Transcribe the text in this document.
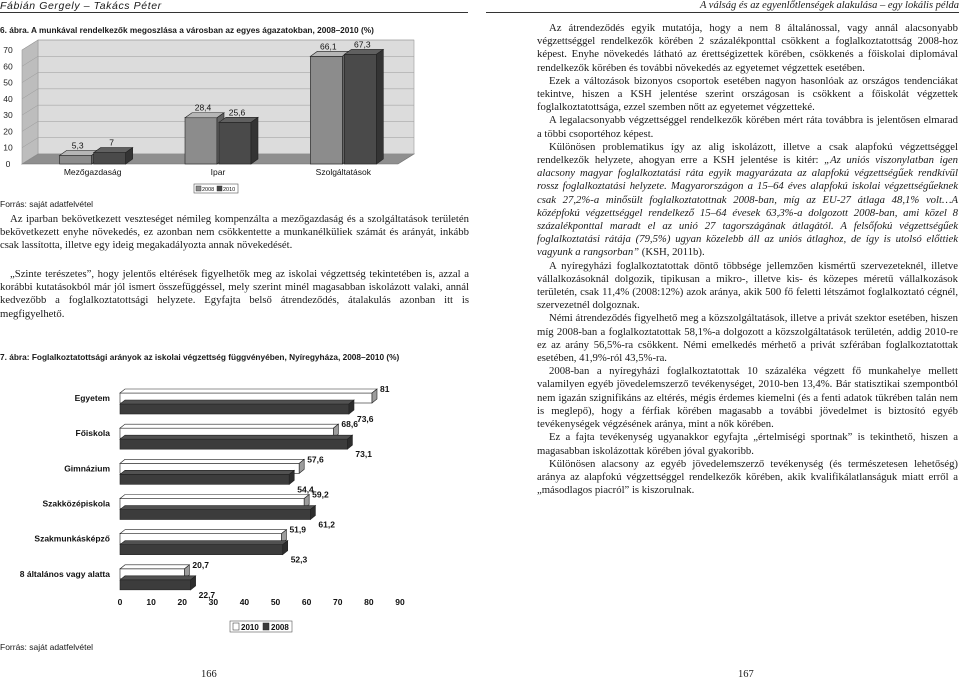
Fábián Gergely – Takács Péter	A válság és az egyenlőtlenségek alakulása – egy lokális példa
6. ábra. A munkával rendelkezők megoszlása a városban az egyes ágazatokban, 2008–2010 (%)
0
10
20
30
40
50
60
70
5,3	7
Mezőgazdaság
28,4 25,6
Ipar
66,1 67,3
Szolgáltatások
2008 2010
Forrás: saját adatfelvétel

Az iparban bekövetkezett veszteséget némileg kompenzálta a mezőgazdaság és a szolgáltatások területén bekövetkezett enyhe növekedés, ez azonban nem csökkentette a munkanélküliek számát és arányát, inkább csak lassította, illetve egy ideig megakadályozta annak növekedését.

„Szinte terészetes”, hogy jelentős eltérések figyelhetők meg az iskolai végzettség tekintetében is, azzal a korábbi kutatásokból már jól ismert összefüggéssel, mely szerint minél magasabban iskolázott valaki, annál kedvezőbb a foglalkoztatottsági helyzete. Egyfajta belső átrendeződés, átalakulás azonban itt is megfigyelhető.

7. ábra: Foglalkoztatottsági arányok az iskolai végzettség függvényében, Nyíregyháza, 2008–2010 (%)
Egyetem
81
73,6
Főiskola
68,6
73,1
Gimnázium
57,6
54,4
Szakközépiskola
59,2
61,2
Szakmunkásképző
51,9
52,3
8 általános vagy alatta
20,7
22,7
0	10	20	30	40	50	60	70	80	90
2010 2008
Forrás: saját adatfelvétel

Az átrendeződés egyik mutatója, hogy a nem 8 általánossal, vagy annál alacsonyabb végzettséggel rendelkezők körében 2 százalékponttal csökkent a foglalkoztatottság 2008-hoz képest. Enyhe növekedés látható az érettségizettek körében, csökkenés a főiskolai diplomával rendelkezők körében és további növekedés az egyetemet végzettek esetében.

Ezek a változások bizonyos csoportok esetében nagyon hasonlóak az országos tendenciákat tekintve, hiszen a KSH jelentése szerint országosan is csökkent a főiskolát végzettek foglalkoztatottsága, ezzel szemben nőtt az egyetemet végzetteké.

A legalacsonyabb végzettséggel rendelkezők körében mért ráta továbbra is jelentősen elmarad a többi csoportéhoz képest.

Különösen problematikus így az alig iskolázott, illetve a csak alapfokú végzettséggel rendelkezők helyzete, ahogyan erre a KSH jelentése is kitér: „Az uniós viszonylatban igen alacsony magyar foglalkoztatási ráta egyik magyarázata az alapfokú végzettségűek rendkívül rossz foglalkoztatási helyzete. Magyarországon a 15–64 éves alapfokú iskolai végzettségűeknek csak 27,2%-a minősült foglalkoztatottnak 2008-ban, míg az EU-27 átlaga 48,1% volt…A középfokú végzettséggel rendelkező 15–64 évesek 63,3%-a dolgozott 2008-ban, ami közel 8 százalékponttal maradt el az unió 27 tagországának átlagától. A felsőfokú végzettségűek foglalkoztatási rátája (79,5%) ugyan közelebb áll az uniós átlaghoz, de így is utolsó előttiek vagyunk a rangsorban” (KSH, 2011b).

A nyíregyházi foglalkoztatottak döntő többsége jellemzően kismértű szervezeteknél, illetve vállalkozásoknál dolgozik, tipikusan a mikro-, illetve kis- és közepes méretű vállalkozások területén, csak 11,4% (2008:12%) azok aránya, akik 500 fő feletti létszámot foglalkoztató cégnél, szervezetnél dolgoznak.

Némi átrendeződés figyelhető meg a közszolgáltatások, illetve a privát szektor esetében, hiszen míg 2008-ban a foglalkoztatottak 58,1%-a dolgozott a közszolgáltatások területén, addig 2010-re ez az arány 56,5%-ra csökkent. Némi emelkedés mérhető a privát szférában foglalkoztatottak esetében, 41,9%-ról 43,5%-ra.

2008-ban a nyíregyházi foglalkoztatottak 10 százaléka végzett fő munkahelye mellett valamilyen egyéb jövedelemszerző tevékenységet, 2010-ben 13,4%. Bár statisztikai szempontból nem igazán szignifikáns az eltérés, mégis érdemes kiemelni (és a fenti adatok tükrében talán nem is meglepő), hogy a férfiak körében magasabb a további jövedelmet is biztosító egyéb tevékenységek végzésének aránya, mint a nők körében.

Ez a fajta tevékenység ugyanakkor egyfajta „értelmiségi sportnak” is tekinthető, hiszen a magasabban iskolázottak körében jóval gyakoribb.

Különösen alacsony az egyéb jövedelemszerző tevékenység (és természetesen lehetőség) aránya az alapfokú végzettséggel rendelkezők körében, akik kvalifikálatlanságuk miatt erről a „másodlagos piacról” is kiszorulnak.

166	167
